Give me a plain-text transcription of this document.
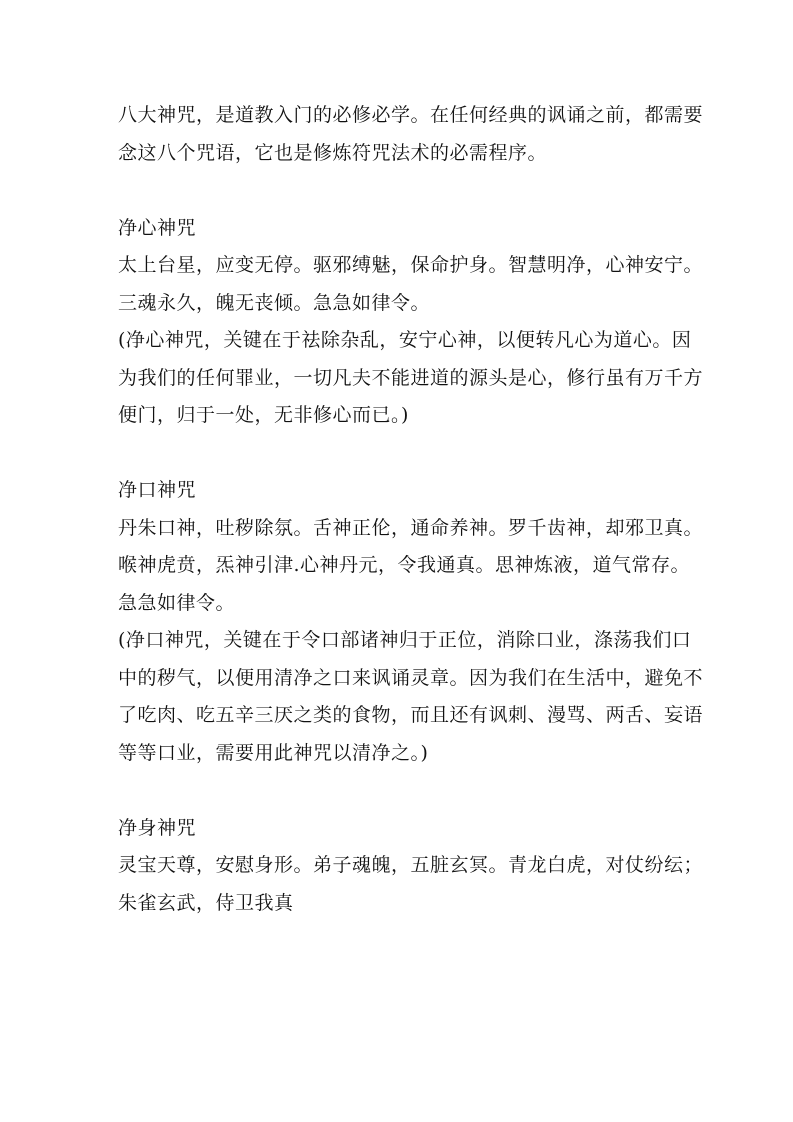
八大神咒，是道教入门的必修必学。在任何经典的讽诵之前，都需要
念这八个咒语，它也是修炼符咒法术的必需程序。
净心神咒
太上台星，应变无停。驱邪缚魅，保命护身。智慧明净，心神安宁。
三魂永久，魄无丧倾。急急如律令。
(净心神咒，关键在于祛除杂乱，安宁心神，以便转凡心为道心。因
为我们的任何罪业，一切凡夫不能进道的源头是心，修行虽有万千方
便门，归于一处，无非修心而已。)
净口神咒
丹朱口神，吐秽除氛。舌神正伦，通命养神。罗千齿神，却邪卫真。
喉神虎贲，炁神引津.心神丹元，令我通真。思神炼液，道气常存。
急急如律令。
(净口神咒，关键在于令口部诸神归于正位，消除口业，涤荡我们口
中的秽气，以便用清净之口来讽诵灵章。因为我们在生活中，避免不
了吃肉、吃五辛三厌之类的食物，而且还有讽刺、漫骂、两舌、妄语
等等口业，需要用此神咒以清净之。)
净身神咒
灵宝天尊，安慰身形。弟子魂魄，五脏玄冥。青龙白虎，对仗纷纭；
朱雀玄武，侍卫我真
